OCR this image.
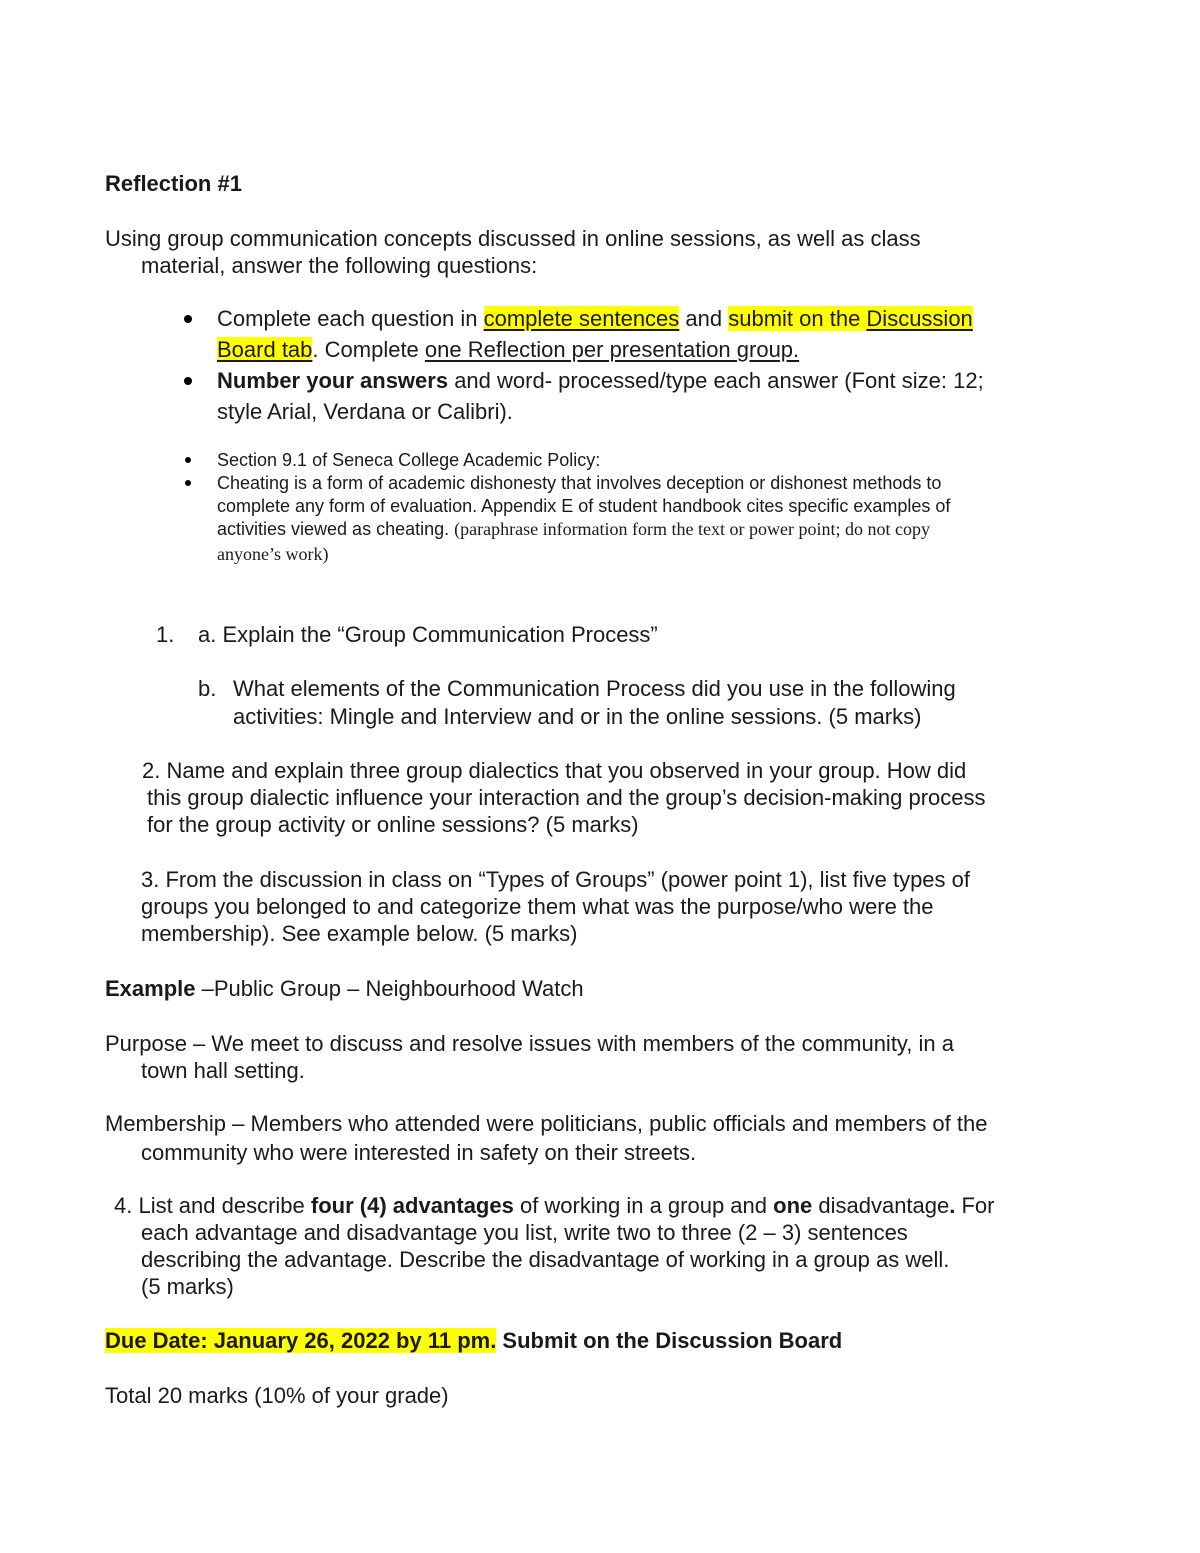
Reflection #1
Using group communication concepts discussed in online sessions, as well as class
material, answer the following questions:
Complete each question in complete sentences and submit on the Discussion
Board tab. Complete one Reflection per presentation group.
Number your answers and word- processed/type each answer (Font size: 12;
style Arial, Verdana or Calibri).
Section 9.1 of Seneca College Academic Policy:
Cheating is a form of academic dishonesty that involves deception or dishonest methods to
complete any form of evaluation. Appendix E of student handbook cites specific examples of
activities viewed as cheating. (paraphrase information form the text or power point; do not copy
anyone’s work)
1. a. Explain the “Group Communication Process”
b. What elements of the Communication Process did you use in the following
activities: Mingle and Interview and or in the online sessions. (5 marks)
2. Name and explain three group dialectics that you observed in your group. How did
this group dialectic influence your interaction and the group’s decision-making process
for the group activity or online sessions? (5 marks)
3. From the discussion in class on “Types of Groups” (power point 1), list five types of
groups you belonged to and categorize them what was the purpose/who were the
membership). See example below. (5 marks)
Example –Public Group – Neighbourhood Watch
Purpose – We meet to discuss and resolve issues with members of the community, in a
town hall setting.
Membership – Members who attended were politicians, public officials and members of the
community who were interested in safety on their streets.
4. List and describe four (4) advantages of working in a group and one disadvantage. For
each advantage and disadvantage you list, write two to three (2 – 3) sentences
describing the advantage. Describe the disadvantage of working in a group as well.
(5 marks)
Due Date: January 26, 2022 by 11 pm. Submit on the Discussion Board
Total 20 marks (10% of your grade)
